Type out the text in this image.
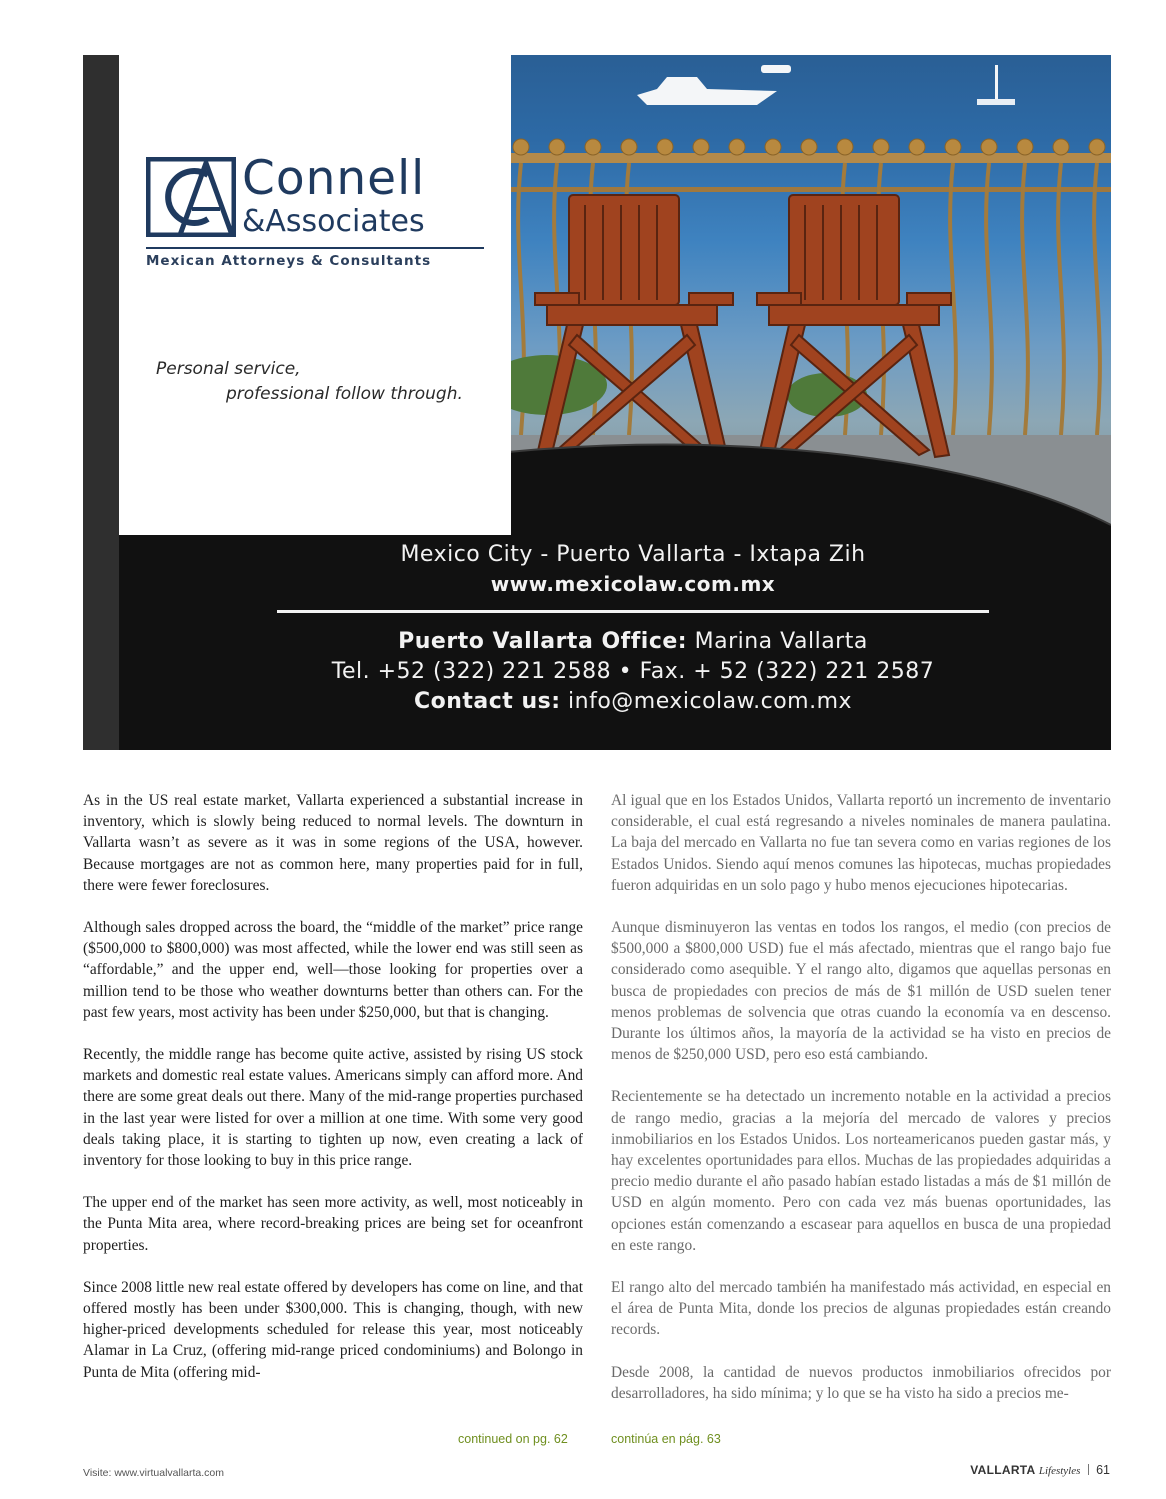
Connell
&Associates
Mexican Attorneys & Consultants
Personal service,
professional follow through.
Mexico City - Puerto Vallarta - Ixtapa Zih
www.mexicolaw.com.mx
Puerto Vallarta Office: Marina Vallarta
Tel. +52 (322) 221 2588 • Fax. + 52 (322) 221 2587
Contact us: info@mexicolaw.com.mx

As in the US real estate market, Vallarta experienced a substantial increase in inventory, which is slowly being reduced to normal levels. The downturn in Vallarta wasn’t as severe as it was in some regions of the USA, however. Because mortgages are not as common here, many properties paid for in full, there were fewer foreclosures.

Although sales dropped across the board, the “middle of the market” price range ($500,000 to $800,000) was most affected, while the lower end was still seen as “affordable,” and the upper end, well—those looking for properties over a million tend to be those who weather downturns better than others can. For the past few years, most activity has been under $250,000, but that is changing.

Recently, the middle range has become quite active, assisted by rising US stock markets and domestic real estate values. Americans simply can afford more. And there are some great deals out there. Many of the mid-range properties purchased in the last year were listed for over a million at one time. With some very good deals taking place, it is starting to tighten up now, even creating a lack of inventory for those looking to buy in this price range.

The upper end of the market has seen more activity, as well, most noticeably in the Punta Mita area, where record-breaking prices are being set for oceanfront properties.

Since 2008 little new real estate offered by developers has come on line, and that offered mostly has been under $300,000. This is changing, though, with new higher-priced developments scheduled for release this year, most noticeably Alamar in La Cruz, (offering mid-range priced condominiums) and Bolongo in Punta de Mita (offering mid-

continued on pg. 62

Al igual que en los Estados Unidos, Vallarta reportó un incremento de inventario considerable, el cual está regresando a niveles nominales de manera paulatina. La baja del mercado en Vallarta no fue tan severa como en varias regiones de los Estados Unidos. Siendo aquí menos comunes las hipotecas, muchas propiedades fueron adquiridas en un solo pago y hubo menos ejecuciones hipotecarias.

Aunque disminuyeron las ventas en todos los rangos, el medio (con precios de $500,000 a $800,000 USD) fue el más afectado, mientras que el rango bajo fue considerado como asequible. Y el rango alto, digamos que aquellas personas en busca de propiedades con precios de más de $1 millón de USD suelen tener menos problemas de solvencia que otras cuando la economía va en descenso. Durante los últimos años, la mayoría de la actividad se ha visto en precios de menos de $250,000 USD, pero eso está cambiando.

Recientemente se ha detectado un incremento notable en la actividad a precios de rango medio, gracias a la mejoría del mercado de valores y precios inmobiliarios en los Estados Unidos. Los norteamericanos pueden gastar más, y hay excelentes oportunidades para ellos. Muchas de las propiedades adquiridas a precio medio durante el año pasado habían estado listadas a más de $1 millón de USD en algún momento. Pero con cada vez más buenas oportunidades, las opciones están comenzando a escasear para aquellos en busca de una propiedad en este rango.

El rango alto del mercado también ha manifestado más actividad, en especial en el área de Punta Mita, donde los precios de algunas propiedades están creando records.

Desde 2008, la cantidad de nuevos productos inmobiliarios ofrecidos por desarrolladores, ha sido mínima; y lo que se ha visto ha sido a precios me-

continúa en pág. 63
Visite: www.virtualvallarta.com	VALLARTA Lifestyles 61
